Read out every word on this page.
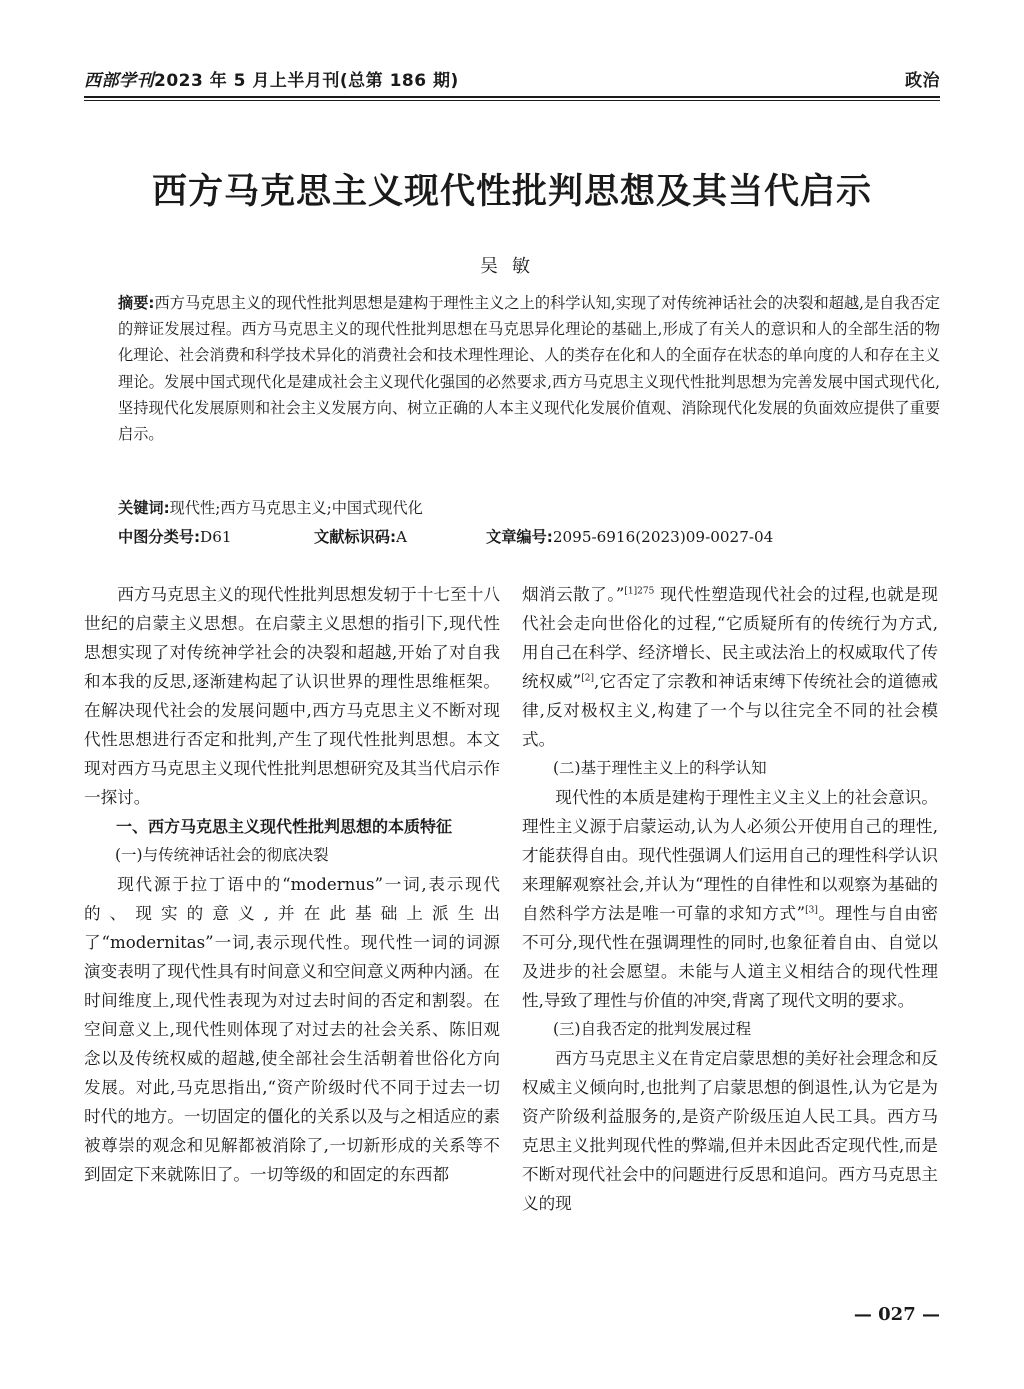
西部学刊2023 年 5 月上半月刊(总第 186 期)	政治
西方马克思主义现代性批判思想及其当代启示
吴敏
摘要:西方马克思主义的现代性批判思想是建构于理性主义之上的科学认知,实现了对传统神话社会的决裂和超越,是自我否定的辩证发展过程。西方马克思主义的现代性批判思想在马克思异化理论的基础上,形成了有关人的意识和人的全部生活的物化理论、社会消费和科学技术异化的消费社会和技术理性理论、人的类存在化和人的全面存在状态的单向度的人和存在主义理论。发展中国式现代化是建成社会主义现代化强国的必然要求,西方马克思主义现代性批判思想为完善发展中国式现代化,坚持现代化发展原则和社会主义发展方向、树立正确的人本主义现代化发展价值观、消除现代化发展的负面效应提供了重要启示。
关键词:现代性;西方马克思主义;中国式现代化
中图分类号:D61	文献标识码:A	文章编号:2095-6916(2023)09-0027-04

西方马克思主义的现代性批判思想发轫于十七至十八世纪的启蒙主义思想。在启蒙主义思想的指引下,现代性思想实现了对传统神学社会的决裂和超越,开始了对自我和本我的反思,逐渐建构起了认识世界的理性思维框架。在解决现代社会的发展问题中,西方马克思主义不断对现代性思想进行否定和批判,产生了现代性批判思想。本文现对西方马克思主义现代性批判思想研究及其当代启示作一探讨。

一、西方马克思主义现代性批判思想的本质特征

(一)与传统神话社会的彻底决裂

现代源于拉丁语中的“modernus”一词,表示现代的、现实的意义,并在此基础上派生出了“modernitas”一词,表示现代性。现代性一词的词源演变表明了现代性具有时间意义和空间意义两种内涵。在时间维度上,现代性表现为对过去时间的否定和割裂。在空间意义上,现代性则体现了对过去的社会关系、陈旧观念以及传统权威的超越,使全部社会生活朝着世俗化方向发展。对此,马克思指出,“资产阶级时代不同于过去一切时代的地方。一切固定的僵化的关系以及与之相适应的素被尊崇的观念和见解都被消除了,一切新形成的关系等不到固定下来就陈旧了。一切等级的和固定的东西都

烟消云散了。”$^{[1]275}$ 现代性塑造现代社会的过程,也就是现代社会走向世俗化的过程,“它质疑所有的传统行为方式,用自己在科学、经济增长、民主或法治上的权威取代了传统权威”[2],它否定了宗教和神话束缚下传统社会的道德戒律,反对极权主义,构建了一个与以往完全不同的社会模式。

(二)基于理性主义上的科学认知

现代性的本质是建构于理性主义主义上的社会意识。理性主义源于启蒙运动,认为人必须公开使用自己的理性,才能获得自由。现代性强调人们运用自己的理性科学认识来理解观察社会,并认为“理性的自律性和以观察为基础的自然科学方法是唯一可靠的求知方式”[3]。理性与自由密不可分,现代性在强调理性的同时,也象征着自由、自觉以及进步的社会愿望。未能与人道主义相结合的现代性理性,导致了理性与价值的冲突,背离了现代文明的要求。

(三)自我否定的批判发展过程

西方马克思主义在肯定启蒙思想的美好社会理念和反权威主义倾向时,也批判了启蒙思想的倒退性,认为它是为资产阶级利益服务的,是资产阶级压迫人民工具。西方马克思主义批判现代性的弊端,但并未因此否定现代性,而是不断对现代社会中的问题进行反思和追问。西方马克思主义的现

— 027 —
